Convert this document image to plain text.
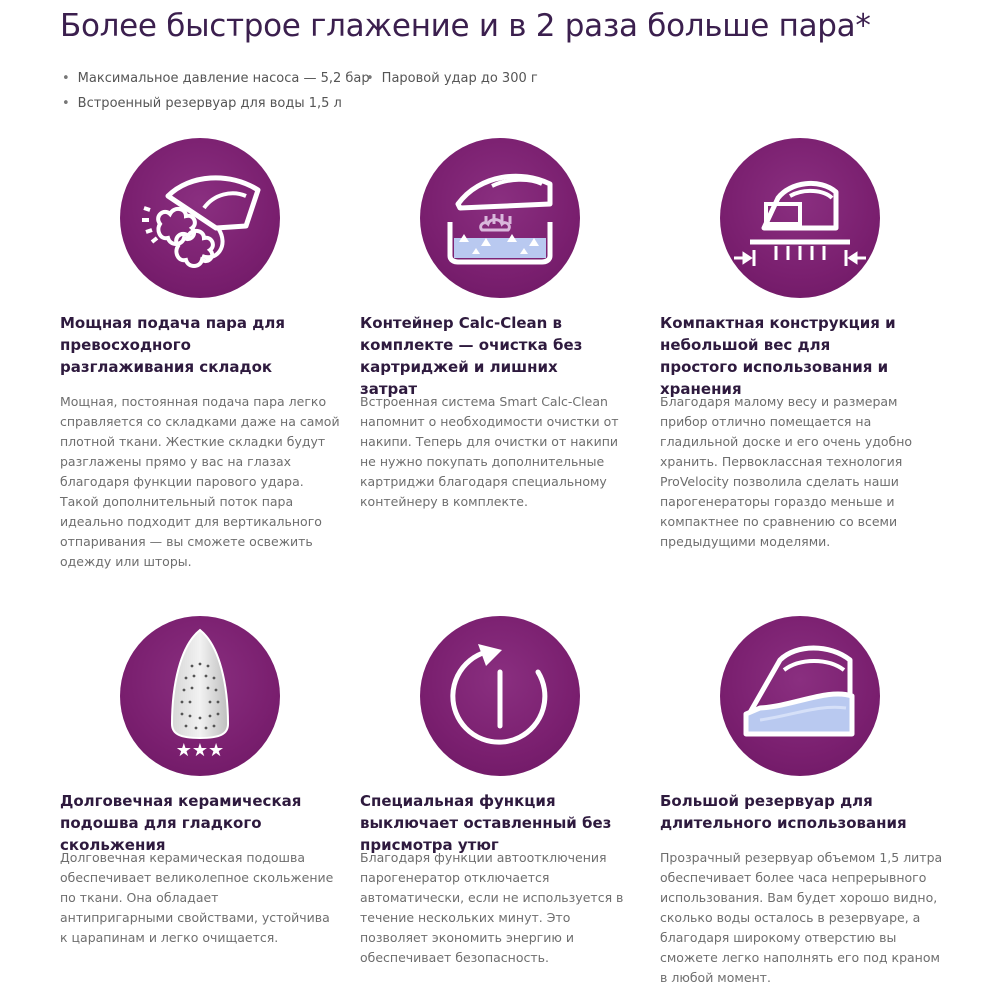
Более быстрое глажение и в 2 раза больше пара*
• Максимальное давление насоса — 5,2 бар
• Паровой удар до 300 г
• Встроенный резервуар для воды 1,5 л
Мощная подача пара для превосходного разглаживания складок

Мощная, постоянная подача пара легко справляется со складками даже на самой плотной ткани. Жесткие складки будут разглажены прямо у вас на глазах благодаря функции парового удара. Такой дополнительный поток пара идеально подходит для вертикального отпаривания — вы сможете освежить одежду или шторы.

Контейнер Calc-Clean в комплекте — очистка без картриджей и лишних затрат

Встроенная система Smart Calc-Clean напомнит о необходимости очистки от накипи. Теперь для очистки от накипи не нужно покупать дополнительные картриджи благодаря специальному контейнеру в комплекте.

Компактная конструкция и небольшой вес для простого использования и хранения

Благодаря малому весу и размерам прибор отлично помещается на гладильной доске и его очень удобно хранить. Первоклассная технология ProVelocity позволила сделать наши парогенераторы гораздо меньше и компактнее по сравнению со всеми предыдущими моделями.

★★★
Долговечная керамическая подошва для гладкого скольжения

Долговечная керамическая подошва обеспечивает великолепное скольжение по ткани. Она обладает антипригарными свойствами, устойчива к царапинам и легко очищается.

Специальная функция выключает оставленный без присмотра утюг

Благодаря функции автоотключения парогенератор отключается автоматически, если не используется в течение нескольких минут. Это позволяет экономить энергию и обеспечивает безопасность.

Большой резервуар для длительного использования

Прозрачный резервуар объемом 1,5 литра обеспечивает более часа непрерывного использования. Вам будет хорошо видно, сколько воды осталось в резервуаре, а благодаря широкому отверстию вы сможете легко наполнять его под краном в любой момент.
